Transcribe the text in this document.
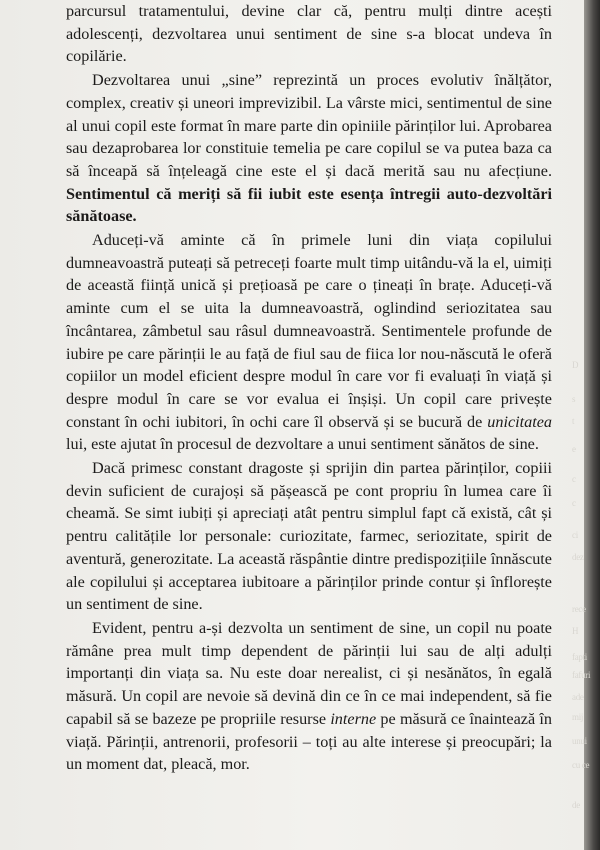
parcursul tratamentului, devine clar că, pentru mulți dintre acești adolescenți, dezvoltarea unui sentiment de sine s-a blocat undeva în copilărie.

Dezvoltarea unui „sine” reprezintă un proces evolutiv înălțător, complex, creativ și uneori imprevizibil. La vârste mici, sentimentul de sine al unui copil este format în mare parte din opiniile părinților lui. Aprobarea sau dezaprobarea lor constituie temelia pe care copilul se va putea baza ca să înceapă să înțeleagă cine este el și dacă merită sau nu afecțiune. Sentimentul că meriți să fii iubit este esența întregii auto-dezvoltări sănătoase.

Aduceți-vă aminte că în primele luni din viața copilului dumneavoastră puteați să petreceți foarte mult timp uitându-vă la el, uimiți de această ființă unică și prețioasă pe care o țineați în brațe. Aduceți-vă aminte cum el se uita la dumneavoastră, oglindind seriozitatea sau încântarea, zâmbetul sau râsul dumneavoastră. Sentimentele profunde de iubire pe care părinții le au față de fiul sau de fiica lor nou-născută le oferă copiilor un model eficient despre modul în care vor fi evaluați în viață și despre modul în care se vor evalua ei înșiși. Un copil care privește constant în ochi iubitori, în ochi care îl observă și se bucură de unicitatea lui, este ajutat în procesul de dezvoltare a unui sentiment sănătos de sine.

Dacă primesc constant dragoste și sprijin din partea părinților, copiii devin suficient de curajoși să pășească pe cont propriu în lumea care îi cheamă. Se simt iubiți și apreciați atât pentru simplul fapt că există, cât și pentru calitățile lor personale: curiozitate, farmec, seriozitate, spirit de aventură, generozitate. La această răspântie dintre predispozițiile înnăscute ale copilului și acceptarea iubitoare a părinților prinde contur și înflorește un sentiment de sine.

Evident, pentru a-și dezvolta un sentiment de sine, un copil nu poate rămâne prea mult timp dependent de părinții lui sau de alți adulți importanți din viața sa. Nu este doar nerealist, ci și nesănătos, în egală măsură. Un copil are nevoie să devină din ce în ce mai independent, să fie capabil să se bazeze pe propriile resurse interne pe măsură ce înaintează în viață. Părinții, antrenorii, profesorii – toți au alte interese și preocupări; la un moment dat, pleacă, mor.

D
s
t
e
c
c
ci
dez
rece
H
fapti
fafuri
ade
mij
unui
cu ce
de
